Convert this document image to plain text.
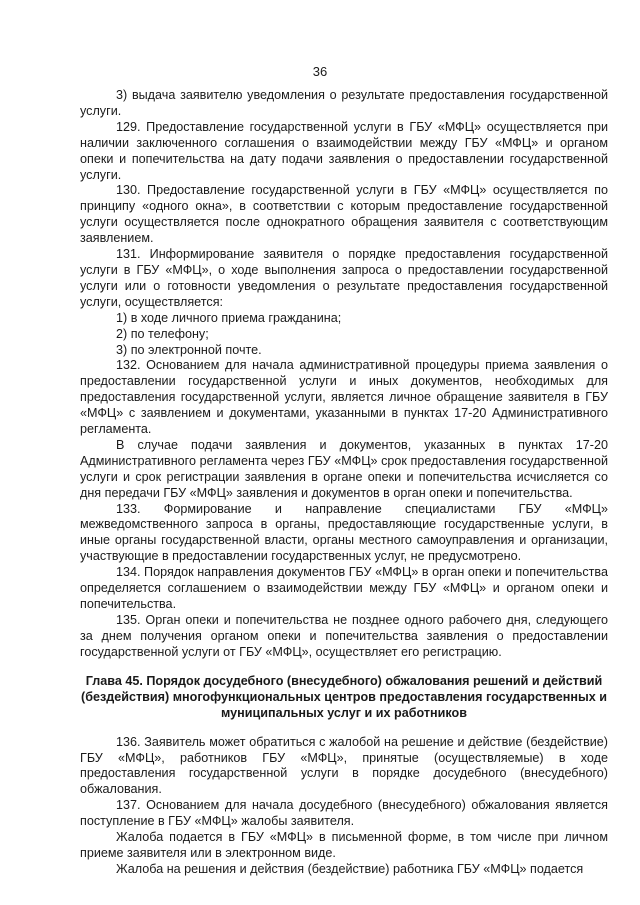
36

3) выдача заявителю уведомления о результате предоставления государственной услуги.

129. Предоставление государственной услуги в ГБУ «МФЦ» осуществляется при наличии заключенного соглашения о взаимодействии между ГБУ «МФЦ» и органом опеки и попечительства на дату подачи заявления о предоставлении государственной услуги.

130. Предоставление государственной услуги в ГБУ «МФЦ» осуществляется по принципу «одного окна», в соответствии с которым предоставление государственной услуги осуществляется после однократного обращения заявителя с соответствующим заявлением.

131. Информирование заявителя о порядке предоставления государственной услуги в ГБУ «МФЦ», о ходе выполнения запроса о предоставлении государственной услуги или о готовности уведомления о результате предоставления государственной услуги, осуществляется:

1) в ходе личного приема гражданина;

2) по телефону;

3) по электронной почте.

132. Основанием для начала административной процедуры приема заявления о предоставлении государственной услуги и иных документов, необходимых для предоставления государственной услуги, является личное обращение заявителя в ГБУ «МФЦ» с заявлением и документами, указанными в пунктах 17-20 Административного регламента.

В случае подачи заявления и документов, указанных в пунктах 17-20 Административного регламента через ГБУ «МФЦ» срок предоставления государственной услуги и срок регистрации заявления в органе опеки и попечительства исчисляется со дня передачи ГБУ «МФЦ» заявления и документов в орган опеки и попечительства.

133. Формирование и направление специалистами ГБУ «МФЦ» межведомственного запроса в органы, предоставляющие государственные услуги, в иные органы государственной власти, органы местного самоуправления и организации, участвующие в предоставлении государственных услуг, не предусмотрено.

134. Порядок направления документов ГБУ «МФЦ» в орган опеки и попечительства определяется соглашением о взаимодействии между ГБУ «МФЦ» и органом опеки и попечительства.

135. Орган опеки и попечительства не позднее одного рабочего дня, следующего за днем получения органом опеки и попечительства заявления о предоставлении государственной услуги от ГБУ «МФЦ», осуществляет его регистрацию.

Глава 45. Порядок досудебного (внесудебного) обжалования решений и действий (бездействия) многофункциональных центров предоставления государственных и муниципальных услуг и их работников

136. Заявитель может обратиться с жалобой на решение и действие (бездействие) ГБУ «МФЦ», работников ГБУ «МФЦ», принятые (осуществляемые) в ходе предоставления государственной услуги в порядке досудебного (внесудебного) обжалования.

137. Основанием для начала досудебного (внесудебного) обжалования является поступление в ГБУ «МФЦ» жалобы заявителя.

Жалоба подается в ГБУ «МФЦ» в письменной форме, в том числе при личном приеме заявителя или в электронном виде.

Жалоба на решения и действия (бездействие) работника ГБУ «МФЦ» подается
